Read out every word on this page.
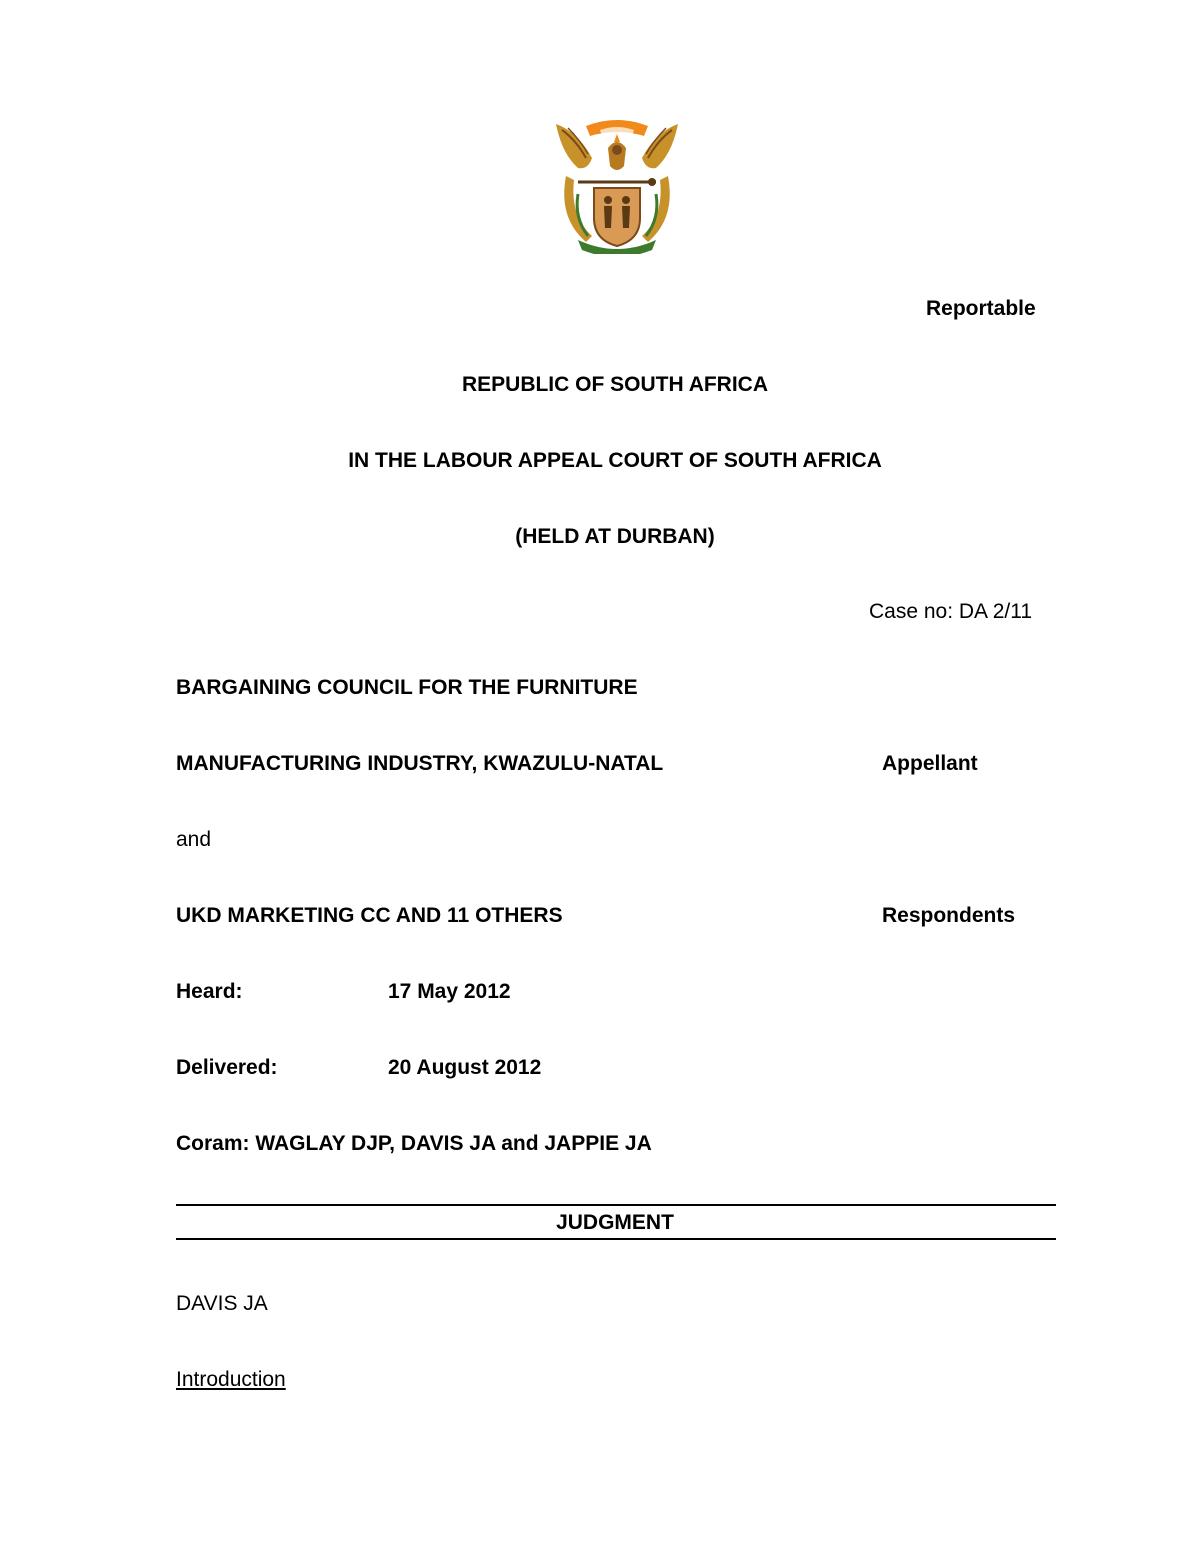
Reportable
REPUBLIC OF SOUTH AFRICA
IN THE LABOUR APPEAL COURT OF SOUTH AFRICA
(HELD AT DURBAN)
Case no: DA 2/11
BARGAINING COUNCIL FOR THE FURNITURE
MANUFACTURING INDUSTRY, KWAZULU-NATAL	Appellant
and
UKD MARKETING CC AND 11 OTHERS	Respondents
Heard:	17 May 2012
Delivered:	20 August 2012
Coram: WAGLAY DJP, DAVIS JA and JAPPIE JA
JUDGMENT
DAVIS JA
Introduction
